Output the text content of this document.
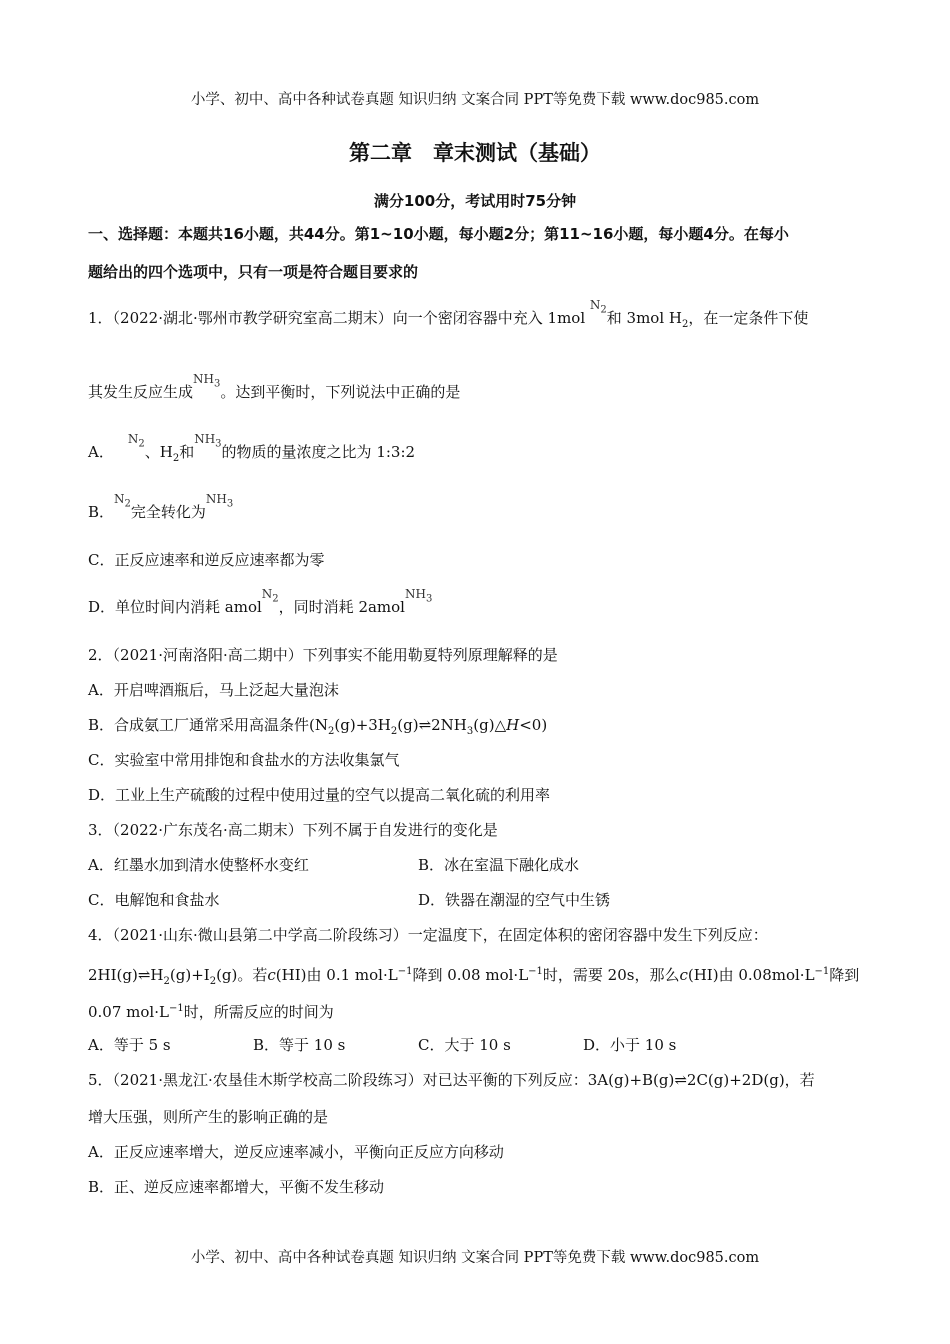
小学、初中、高中各种试卷真题 知识归纳 文案合同 PPT等免费下载 www.doc985.com
第二章　章末测试（基础）
满分100分，考试用时75分钟
一、选择题：本题共16小题，共44分。第1~10小题，每小题2分；第11~16小题，每小题4分。在每小
题给出的四个选项中，只有一项是符合题目要求的
1．（2022·湖北·鄂州市教学研究室高二期末）向一个密闭容器中充入 1mol $N_2$和 3mol $H_2$，在一定条件下使
其发生反应生成$NH_3$。达到平衡时，下列说法中正确的是
A．$N_2$、$H_2$和$NH_3$的物质的量浓度之比为 1:3:2
B．$N_2$完全转化为$NH_3$
C．正反应速率和逆反应速率都为零
D．单位时间内消耗 amolN$_2$，同时消耗 2amolNH$_3$
2．（2021·河南洛阳·高二期中）下列事实不能用勒夏特列原理解释的是
A．开启啤酒瓶后，马上泛起大量泡沫
B．合成氨工厂通常采用高温条件$(N_2(g)+3H_2(g)\rightleftharpoons 2NH_3(g)\triangle H<0)$
C．实验室中常用排饱和食盐水的方法收集氯气
D．工业上生产硫酸的过程中使用过量的空气以提高二氧化硫的利用率
3．（2022·广东茂名·高二期末）下列不属于自发进行的变化是
A．红墨水加到清水使整杯水变红	B．冰在室温下融化成水
C．电解饱和食盐水	D．铁器在潮湿的空气中生锈
4．（2021·山东·微山县第二中学高二阶段练习）一定温度下，在固定体积的密闭容器中发生下列反应：
$2HI(g)\rightleftharpoons H_2(g)+I_2(g)$。若c(HI)由 0.1 $mol\cdot L^{-1}$降到 0.08 $mol\cdot L^{-1}$时，需要 20s，那么c(HI)由 $0.08mol\cdot L^{-1}$降到
0.07 $mol\cdot L^{-1}$时，所需反应的时间为
A．等于 5 s	B．等于 10 s	C．大于 10 s	D．小于 10 s
5．（2021·黑龙江·农垦佳木斯学校高二阶段练习）对已达平衡的下列反应：3A(g)+B(g)⇌2C(g)+2D(g)，若
增大压强，则所产生的影响正确的是
A．正反应速率增大，逆反应速率减小，平衡向正反应方向移动
B．正、逆反应速率都增大，平衡不发生移动
小学、初中、高中各种试卷真题 知识归纳 文案合同 PPT等免费下载 www.doc985.com
